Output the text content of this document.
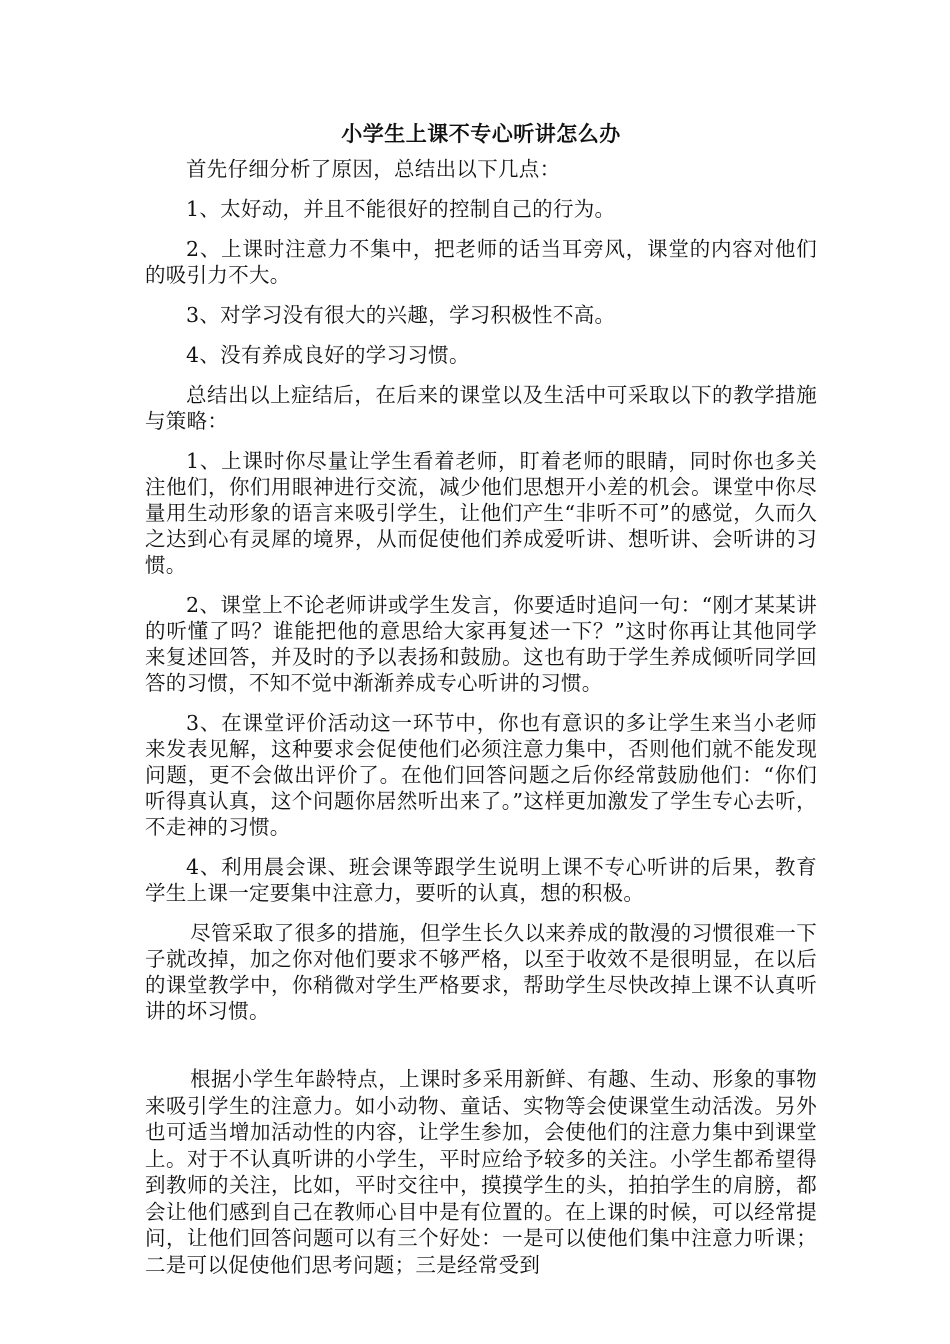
小学生上课不专心听讲怎么办

首先仔细分析了原因，总结出以下几点：

1、太好动，并且不能很好的控制自己的行为。

2、上课时注意力不集中，把老师的话当耳旁风，课堂的内容对他们的吸引力不大。

3、对学习没有很大的兴趣，学习积极性不高。

4、没有养成良好的学习习惯。

总结出以上症结后，在后来的课堂以及生活中可采取以下的教学措施与策略：

1、上课时你尽量让学生看着老师，盯着老师的眼睛，同时你也多关注他们，你们用眼神进行交流，减少他们思想开小差的机会。课堂中你尽量用生动形象的语言来吸引学生，让他们产生“非听不可”的感觉，久而久之达到心有灵犀的境界，从而促使他们养成爱听讲、想听讲、会听讲的习惯。

2、课堂上不论老师讲或学生发言，你要适时追问一句：“刚才某某讲的听懂了吗？谁能把他的意思给大家再复述一下？”这时你再让其他同学来复述回答，并及时的予以表扬和鼓励。这也有助于学生养成倾听同学回答的习惯，不知不觉中渐渐养成专心听讲的习惯。

3、在课堂评价活动这一环节中，你也有意识的多让学生来当小老师来发表见解，这种要求会促使他们必须注意力集中，否则他们就不能发现问题，更不会做出评价了。在他们回答问题之后你经常鼓励他们：“你们听得真认真，这个问题你居然听出来了。”这样更加激发了学生专心去听，不走神的习惯。

4、利用晨会课、班会课等跟学生说明上课不专心听讲的后果，教育学生上课一定要集中注意力，要听的认真，想的积极。

尽管采取了很多的措施，但学生长久以来养成的散漫的习惯很难一下子就改掉，加之你对他们要求不够严格，以至于收效不是很明显，在以后的课堂教学中，你稍微对学生严格要求，帮助学生尽快改掉上课不认真听讲的坏习惯。

根据小学生年龄特点，上课时多采用新鲜、有趣、生动、形象的事物来吸引学生的注意力。如小动物、童话、实物等会使课堂生动活泼。另外也可适当增加活动性的内容，让学生参加，会使他们的注意力集中到课堂上。对于不认真听讲的小学生，平时应给予较多的关注。小学生都希望得到教师的关注，比如，平时交往中，摸摸学生的头，拍拍学生的肩膀，都会让他们感到自己在教师心目中是有位置的。在上课的时候，可以经常提问，让他们回答问题可以有三个好处：一是可以使他们集中注意力听课；二是可以促使他们思考问题；三是经常受到
